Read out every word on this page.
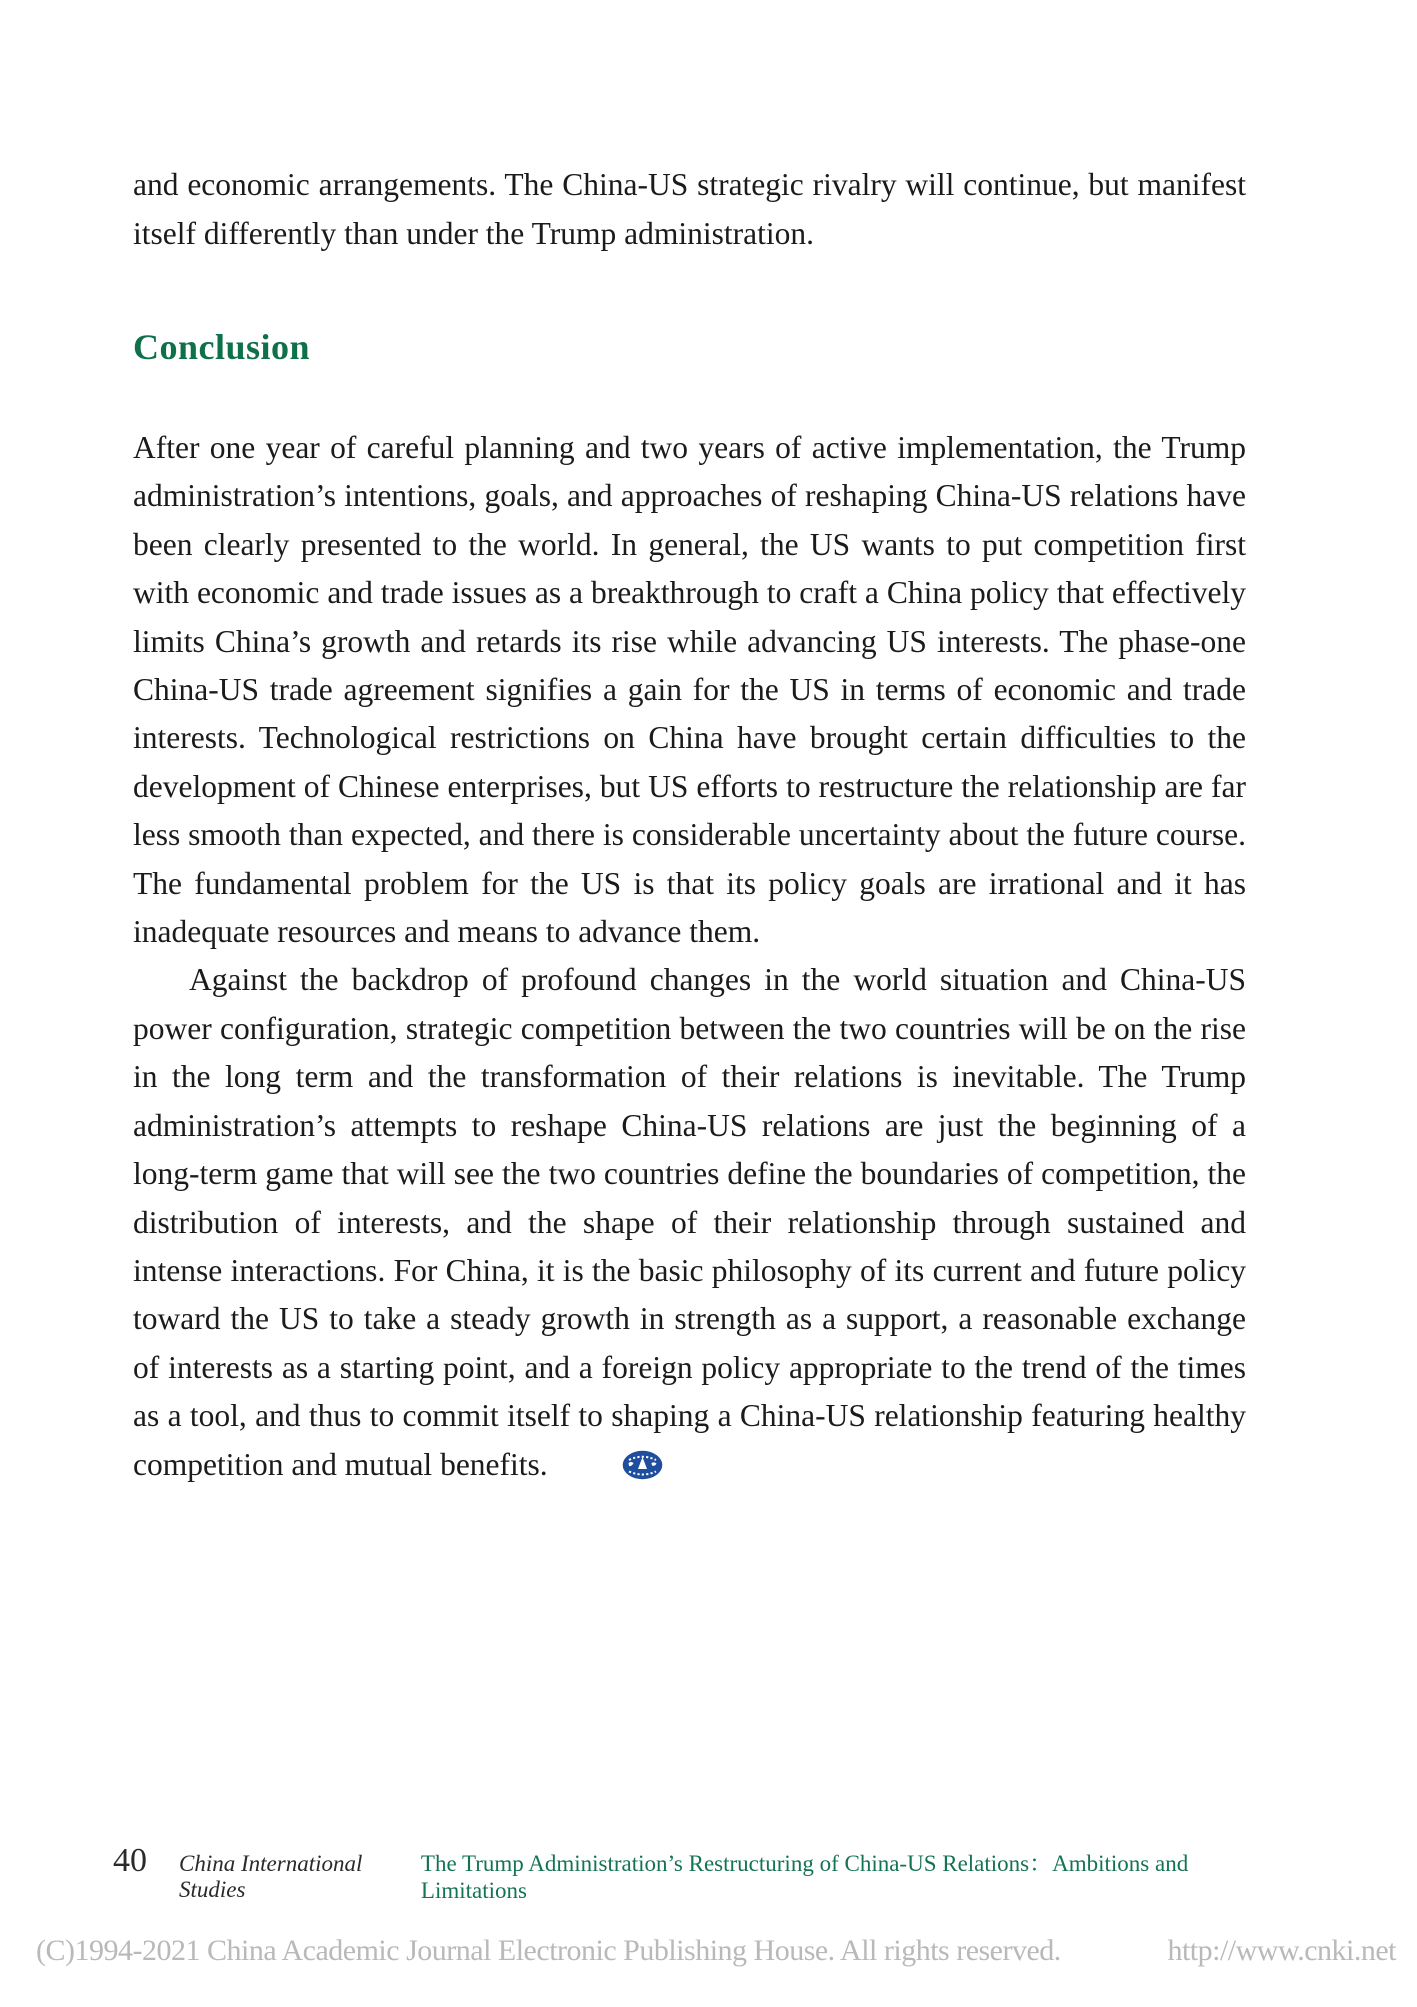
and economic arrangements. The China-US strategic rivalry will continue, but manifest itself differently than under the Trump administration.

Conclusion

After one year of careful planning and two years of active implementation, the Trump administration’s intentions, goals, and approaches of reshaping China-US relations have been clearly presented to the world. In general, the US wants to put competition first with economic and trade issues as a breakthrough to craft a China policy that effectively limits China’s growth and retards its rise while advancing US interests. The phase-one China-US trade agreement signifies a gain for the US in terms of economic and trade interests. Technological restrictions on China have brought certain difficulties to the development of Chinese enterprises, but US efforts to restructure the relationship are far less smooth than expected, and there is considerable uncertainty about the future course. The fundamental problem for the US is that its policy goals are irrational and it has inadequate resources and means to advance them.

Against the backdrop of profound changes in the world situation and China-US power configuration, strategic competition between the two countries will be on the rise in the long term and the transformation of their relations is inevitable. The Trump administration’s attempts to reshape China-US relations are just the beginning of a long-term game that will see the two countries define the boundaries of competition, the distribution of interests, and the shape of their relationship through sustained and intense interactions. For China, it is the basic philosophy of its current and future policy toward the US to take a steady growth in strength as a support, a reasonable exchange of interests as a starting point, and a foreign policy appropriate to the trend of the times as a tool, and thus to commit itself to shaping a China-US relationship featuring healthy competition and mutual benefits.

40 China International Studies
The Trump Administration’s Restructuring of China-US Relations：Ambitions and Limitations
(C)1994-2021 China Academic Journal Electronic Publishing House. All rights reserved.	http://www.cnki.net
